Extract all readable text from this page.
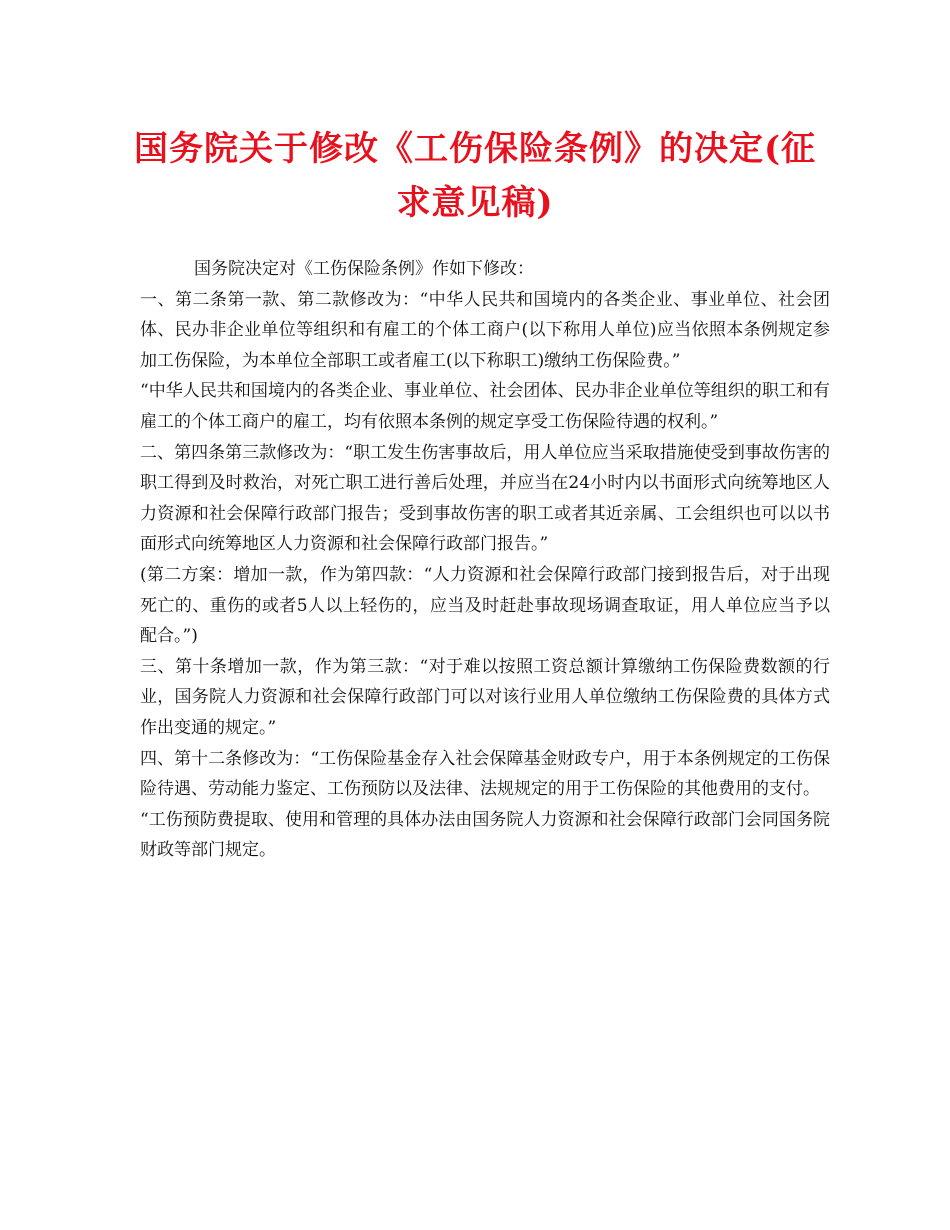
国务院关于修改《工伤保险条例》的决定(征求意见稿)

国务院决定对《工伤保险条例》作如下修改：

一、第二条第一款、第二款修改为：“中华人民共和国境内的各类企业、事业单位、社会团体、民办非企业单位等组织和有雇工的个体工商户(以下称用人单位)应当依照本条例规定参加工伤保险，为本单位全部职工或者雇工(以下称职工)缴纳工伤保险费。”

“中华人民共和国境内的各类企业、事业单位、社会团体、民办非企业单位等组织的职工和有雇工的个体工商户的雇工，均有依照本条例的规定享受工伤保险待遇的权利。”

二、第四条第三款修改为：“职工发生伤害事故后，用人单位应当采取措施使受到事故伤害的职工得到及时救治，对死亡职工进行善后处理，并应当在24小时内以书面形式向统筹地区人力资源和社会保障行政部门报告；受到事故伤害的职工或者其近亲属、工会组织也可以以书面形式向统筹地区人力资源和社会保障行政部门报告。”

(第二方案：增加一款，作为第四款：“人力资源和社会保障行政部门接到报告后，对于出现死亡的、重伤的或者5人以上轻伤的，应当及时赶赴事故现场调查取证，用人单位应当予以配合。”)

三、第十条增加一款，作为第三款：“对于难以按照工资总额计算缴纳工伤保险费数额的行业，国务院人力资源和社会保障行政部门可以对该行业用人单位缴纳工伤保险费的具体方式作出变通的规定。”

四、第十二条修改为：“工伤保险基金存入社会保障基金财政专户，用于本条例规定的工伤保险待遇、劳动能力鉴定、工伤预防以及法律、法规规定的用于工伤保险的其他费用的支付。

“工伤预防费提取、使用和管理的具体办法由国务院人力资源和社会保障行政部门会同国务院财政等部门规定。
